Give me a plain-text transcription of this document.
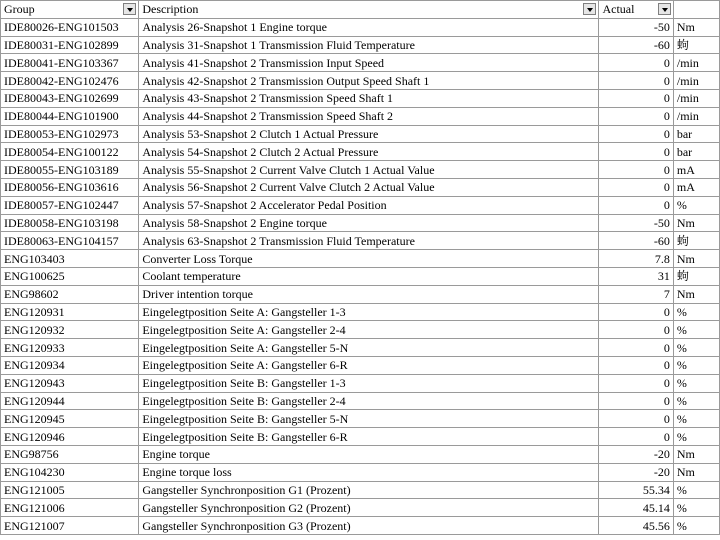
Group	Description	Actual

IDE80026-ENG101503	Analysis 26-Snapshot 1 Engine torque	-50	Nm
IDE80031-ENG102899	Analysis 31-Snapshot 1 Transmission Fluid Temperature	-60	蚼
IDE80041-ENG103367	Analysis 41-Snapshot 2 Transmission Input Speed	0	/min
IDE80042-ENG102476	Analysis 42-Snapshot 2 Transmission Output Speed Shaft 1	0	/min
IDE80043-ENG102699	Analysis 43-Snapshot 2 Transmission Speed Shaft 1	0	/min
IDE80044-ENG101900	Analysis 44-Snapshot 2 Transmission Speed Shaft 2	0	/min
IDE80053-ENG102973	Analysis 53-Snapshot 2 Clutch 1 Actual Pressure	0	bar
IDE80054-ENG100122	Analysis 54-Snapshot 2 Clutch 2 Actual Pressure	0	bar
IDE80055-ENG103189	Analysis 55-Snapshot 2 Current Valve Clutch 1 Actual Value	0	mA
IDE80056-ENG103616	Analysis 56-Snapshot 2 Current Valve Clutch 2 Actual Value	0	mA
IDE80057-ENG102447	Analysis 57-Snapshot 2 Accelerator Pedal Position	0	%
IDE80058-ENG103198	Analysis 58-Snapshot 2 Engine torque	-50	Nm
IDE80063-ENG104157	Analysis 63-Snapshot 2 Transmission Fluid Temperature	-60	蚼
ENG103403	Converter Loss Torque	7.8	Nm
ENG100625	Coolant temperature	31	蚼
ENG98602	Driver intention torque	7	Nm
ENG120931	Eingelegtposition Seite A: Gangsteller 1-3	0	%
ENG120932	Eingelegtposition Seite A: Gangsteller 2-4	0	%
ENG120933	Eingelegtposition Seite A: Gangsteller 5-N	0	%
ENG120934	Eingelegtposition Seite A: Gangsteller 6-R	0	%
ENG120943	Eingelegtposition Seite B: Gangsteller 1-3	0	%
ENG120944	Eingelegtposition Seite B: Gangsteller 2-4	0	%
ENG120945	Eingelegtposition Seite B: Gangsteller 5-N	0	%
ENG120946	Eingelegtposition Seite B: Gangsteller 6-R	0	%
ENG98756	Engine torque	-20	Nm
ENG104230	Engine torque loss	-20	Nm
ENG121005	Gangsteller Synchronposition G1 (Prozent)	55.34	%
ENG121006	Gangsteller Synchronposition G2 (Prozent)	45.14	%
ENG121007	Gangsteller Synchronposition G3 (Prozent)	45.56	%
